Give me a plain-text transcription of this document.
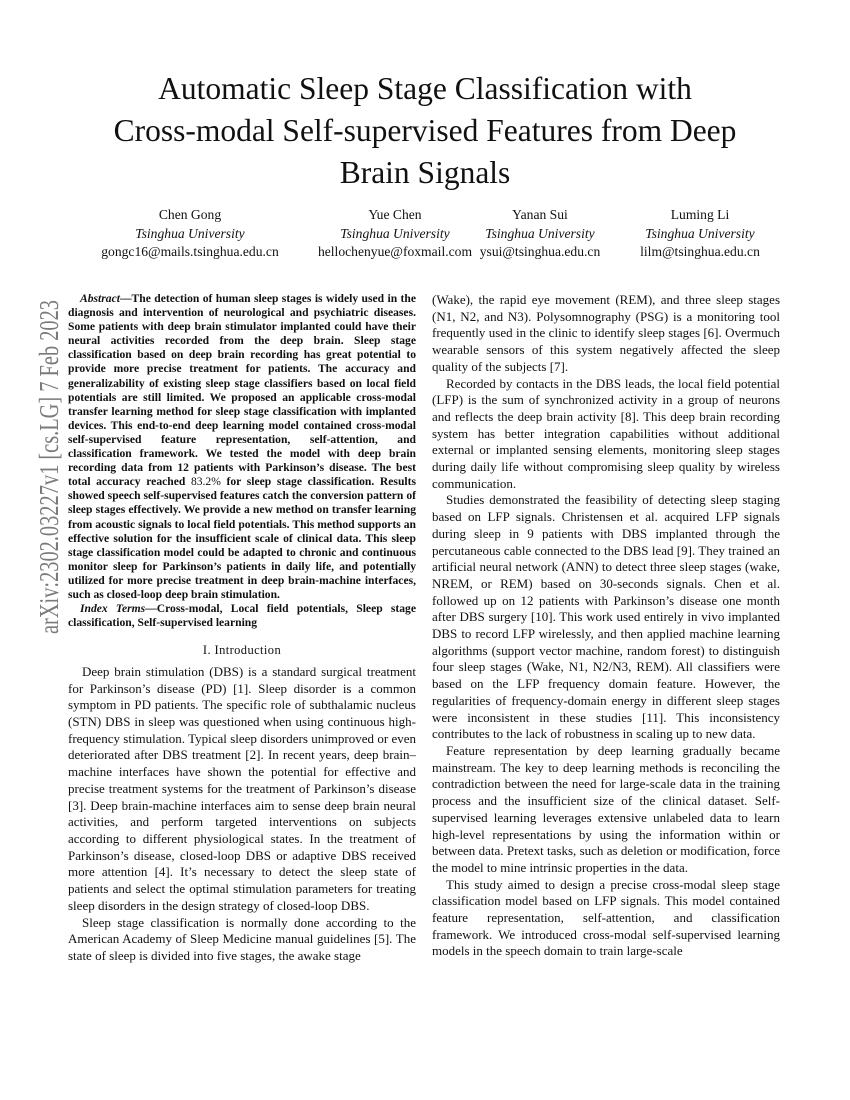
arXiv:2302.03227v1 [cs.LG] 7 Feb 2023
Automatic Sleep Stage Classification with
Cross-modal Self-supervised Features from Deep
Brain Signals
Chen Gong
Tsinghua University
gongc16@mails.tsinghua.edu.cn
Yue Chen
Tsinghua University
hellochenyue@foxmail.com
Yanan Sui
Tsinghua University
ysui@tsinghua.edu.cn
Luming Li
Tsinghua University
lilm@tsinghua.edu.cn

Abstract—The detection of human sleep stages is widely used in the diagnosis and intervention of neurological and psychiatric diseases. Some patients with deep brain stimulator implanted could have their neural activities recorded from the deep brain. Sleep stage classification based on deep brain recording has great potential to provide more precise treatment for patients. The accuracy and generalizability of existing sleep stage classifiers based on local field potentials are still limited. We proposed an applicable cross-modal transfer learning method for sleep stage classification with implanted devices. This end-to-end deep learning model contained cross-modal self-supervised feature representation, self-attention, and classification framework. We tested the model with deep brain recording data from 12 patients with Parkinson’s disease. The best total accuracy reached 83.2% for sleep stage classification. Results showed speech self-supervised features catch the conversion pattern of sleep stages effectively. We provide a new method on transfer learning from acoustic signals to local field potentials. This method supports an effective solution for the insufficient scale of clinical data. This sleep stage classification model could be adapted to chronic and continuous monitor sleep for Parkinson’s patients in daily life, and potentially utilized for more precise treatment in deep brain-machine interfaces, such as closed-loop deep brain stimulation.

Index Terms—Cross-modal, Local field potentials, Sleep stage classification, Self-supervised learning

I. Introduction

Deep brain stimulation (DBS) is a standard surgical treatment for Parkinson’s disease (PD) [1]. Sleep disorder is a common symptom in PD patients. The specific role of subthalamic nucleus (STN) DBS in sleep was questioned when using continuous high-frequency stimulation. Typical sleep disorders unimproved or even deteriorated after DBS treatment [2]. In recent years, deep brain–machine interfaces have shown the potential for effective and precise treatment systems for the treatment of Parkinson’s disease [3]. Deep brain-machine interfaces aim to sense deep brain neural activities, and perform targeted interventions on subjects according to different physiological states. In the treatment of Parkinson’s disease, closed-loop DBS or adaptive DBS received more attention [4]. It’s necessary to detect the sleep state of patients and select the optimal stimulation parameters for treating sleep disorders in the design strategy of closed-loop DBS.

Sleep stage classification is normally done according to the American Academy of Sleep Medicine manual guidelines [5]. The state of sleep is divided into five stages, the awake stage

(Wake), the rapid eye movement (REM), and three sleep stages (N1, N2, and N3). Polysomnography (PSG) is a monitoring tool frequently used in the clinic to identify sleep stages [6]. Overmuch wearable sensors of this system negatively affected the sleep quality of the subjects [7].

Recorded by contacts in the DBS leads, the local field potential (LFP) is the sum of synchronized activity in a group of neurons and reflects the deep brain activity [8]. This deep brain recording system has better integration capabilities without additional external or implanted sensing elements, monitoring sleep stages during daily life without compromising sleep quality by wireless communication.

Studies demonstrated the feasibility of detecting sleep staging based on LFP signals. Christensen et al. acquired LFP signals during sleep in 9 patients with DBS implanted through the percutaneous cable connected to the DBS lead [9]. They trained an artificial neural network (ANN) to detect three sleep stages (wake, NREM, or REM) based on 30-seconds signals. Chen et al. followed up on 12 patients with Parkinson’s disease one month after DBS surgery [10]. This work used entirely in vivo implanted DBS to record LFP wirelessly, and then applied machine learning algorithms (support vector machine, random forest) to distinguish four sleep stages (Wake, N1, N2/N3, REM). All classifiers were based on the LFP frequency domain feature. However, the regularities of frequency-domain energy in different sleep stages were inconsistent in these studies [11]. This inconsistency contributes to the lack of robustness in scaling up to new data.

Feature representation by deep learning gradually became mainstream. The key to deep learning methods is reconciling the contradiction between the need for large-scale data in the training process and the insufficient size of the clinical dataset. Self-supervised learning leverages extensive unlabeled data to learn high-level representations by using the information within or between data. Pretext tasks, such as deletion or modification, force the model to mine intrinsic properties in the data.

This study aimed to design a precise cross-modal sleep stage classification model based on LFP signals. This model contained feature representation, self-attention, and classification framework. We introduced cross-modal self-supervised learning models in the speech domain to train large-scale
